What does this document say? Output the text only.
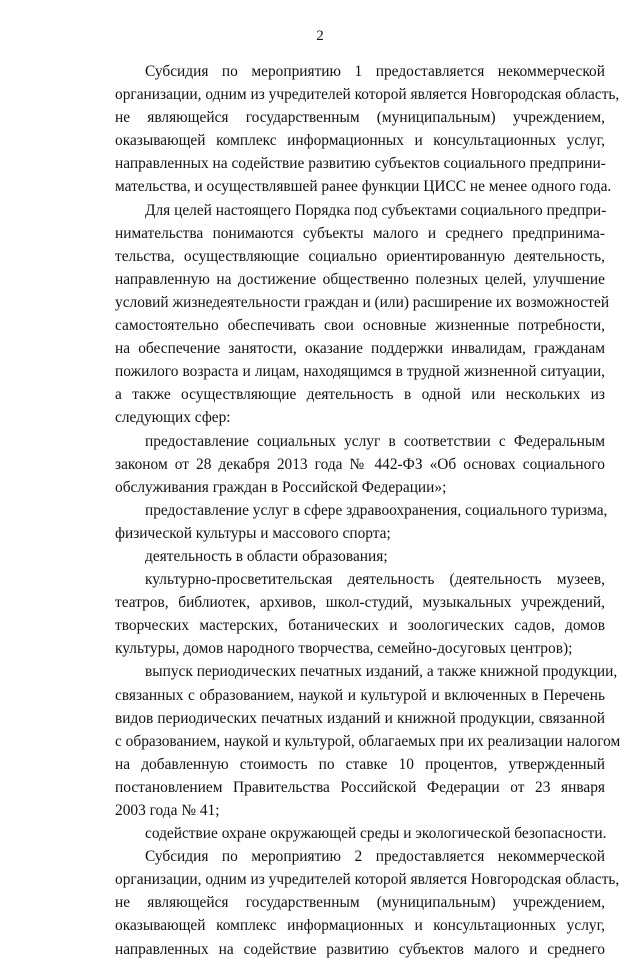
2
Субсидия по мероприятию 1 предоставляется некоммерческой
организации, одним из учредителей которой является Новгородская область,
не являющейся государственным (муниципальным) учреждением,
оказывающей комплекс информационных и консультационных услуг,
направленных на содействие развитию субъектов социального предприни-
мательства, и осуществлявшей ранее функции ЦИСС не менее одного года.
Для целей настоящего Порядка под субъектами социального предпри-
нимательства понимаются субъекты малого и среднего предпринима-
тельства, осуществляющие социально ориентированную деятельность,
направленную на достижение общественно полезных целей, улучшение
условий жизнедеятельности граждан и (или) расширение их возможностей
самостоятельно обеспечивать свои основные жизненные потребности,
на обеспечение занятости, оказание поддержки инвалидам, гражданам
пожилого возраста и лицам, находящимся в трудной жизненной ситуации,
а также осуществляющие деятельность в одной или нескольких из
следующих сфер:
предоставление социальных услуг в соответствии с Федеральным
законом от 28 декабря 2013 года № 442-ФЗ «Об основах социального
обслуживания граждан в Российской Федерации»;
предоставление услуг в сфере здравоохранения, социального туризма,
физической культуры и массового спорта;
деятельность в области образования;
культурно-просветительская деятельность (деятельность музеев,
театров, библиотек, архивов, школ-студий, музыкальных учреждений,
творческих мастерских, ботанических и зоологических садов, домов
культуры, домов народного творчества, семейно-досуговых центров);
выпуск периодических печатных изданий, а также книжной продукции,
связанных с образованием, наукой и культурой и включенных в Перечень
видов периодических печатных изданий и книжной продукции, связанной
с образованием, наукой и культурой, облагаемых при их реализации налогом
на добавленную стоимость по ставке 10 процентов, утвержденный
постановлением Правительства Российской Федерации от 23 января
2003 года № 41;
содействие охране окружающей среды и экологической безопасности.
Субсидия по мероприятию 2 предоставляется некоммерческой
организации, одним из учредителей которой является Новгородская область,
не являющейся государственным (муниципальным) учреждением,
оказывающей комплекс информационных и консультационных услуг,
направленных на содействие развитию субъектов малого и среднего
